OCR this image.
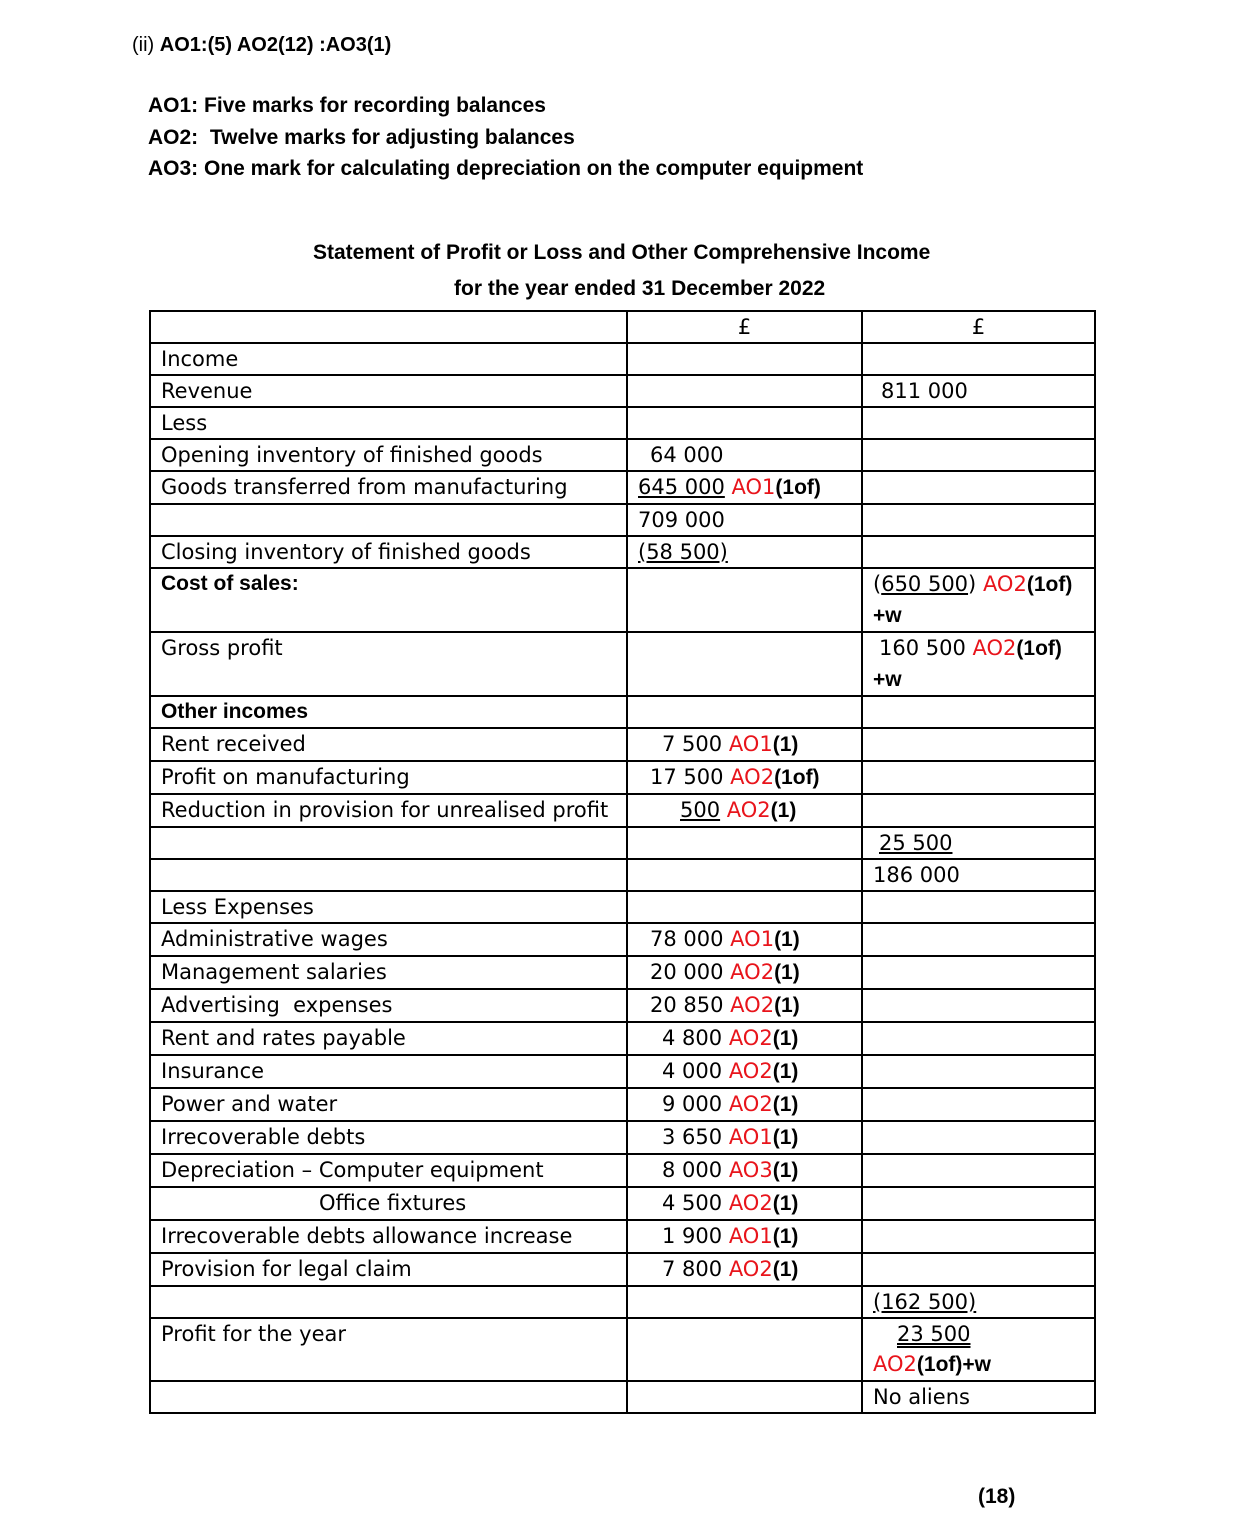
(ii) AO1:(5) AO2(12) :AO3(1)
AO1: Five marks for recording balances
AO2:  Twelve marks for adjusting balances
AO3: One mark for calculating depreciation on the computer equipment
Statement of Profit or Loss and Other Comprehensive Income
for the year ended 31 December 2022
	£	£
Income		
Revenue		811 000
Less		
Opening inventory of finished goods	64 000	
Goods transferred from manufacturing	645 000 AO1(1of)	
	709 000	
Closing inventory of finished goods	(58 500)	
Cost of sales:		(650 500) AO2(1of)
+w
Gross profit		160 500 AO2(1of)
+w
Other incomes		
Rent received	7 500 AO1(1)	
Profit on manufacturing	17 500 AO2(1of)	
Reduction in provision for unrealised profit	500 AO2(1)	
		25 500
		186 000
Less Expenses		
Administrative wages	78 000 AO1(1)	
Management salaries	20 000 AO2(1)	
Advertising  expenses	20 850 AO2(1)	
Rent and rates payable	4 800 AO2(1)	
Insurance	4 000 AO2(1)	
Power and water	9 000 AO2(1)	
Irrecoverable debts	3 650 AO1(1)	
Depreciation – Computer equipment	8 000 AO3(1)	
Office fixtures	4 500 AO2(1)	
Irrecoverable debts allowance increase	1 900 AO1(1)	
Provision for legal claim	7 800 AO2(1)	
		(162 500)
Profit for the year		23 500
AO2(1of)+w
		No aliens
(18)
